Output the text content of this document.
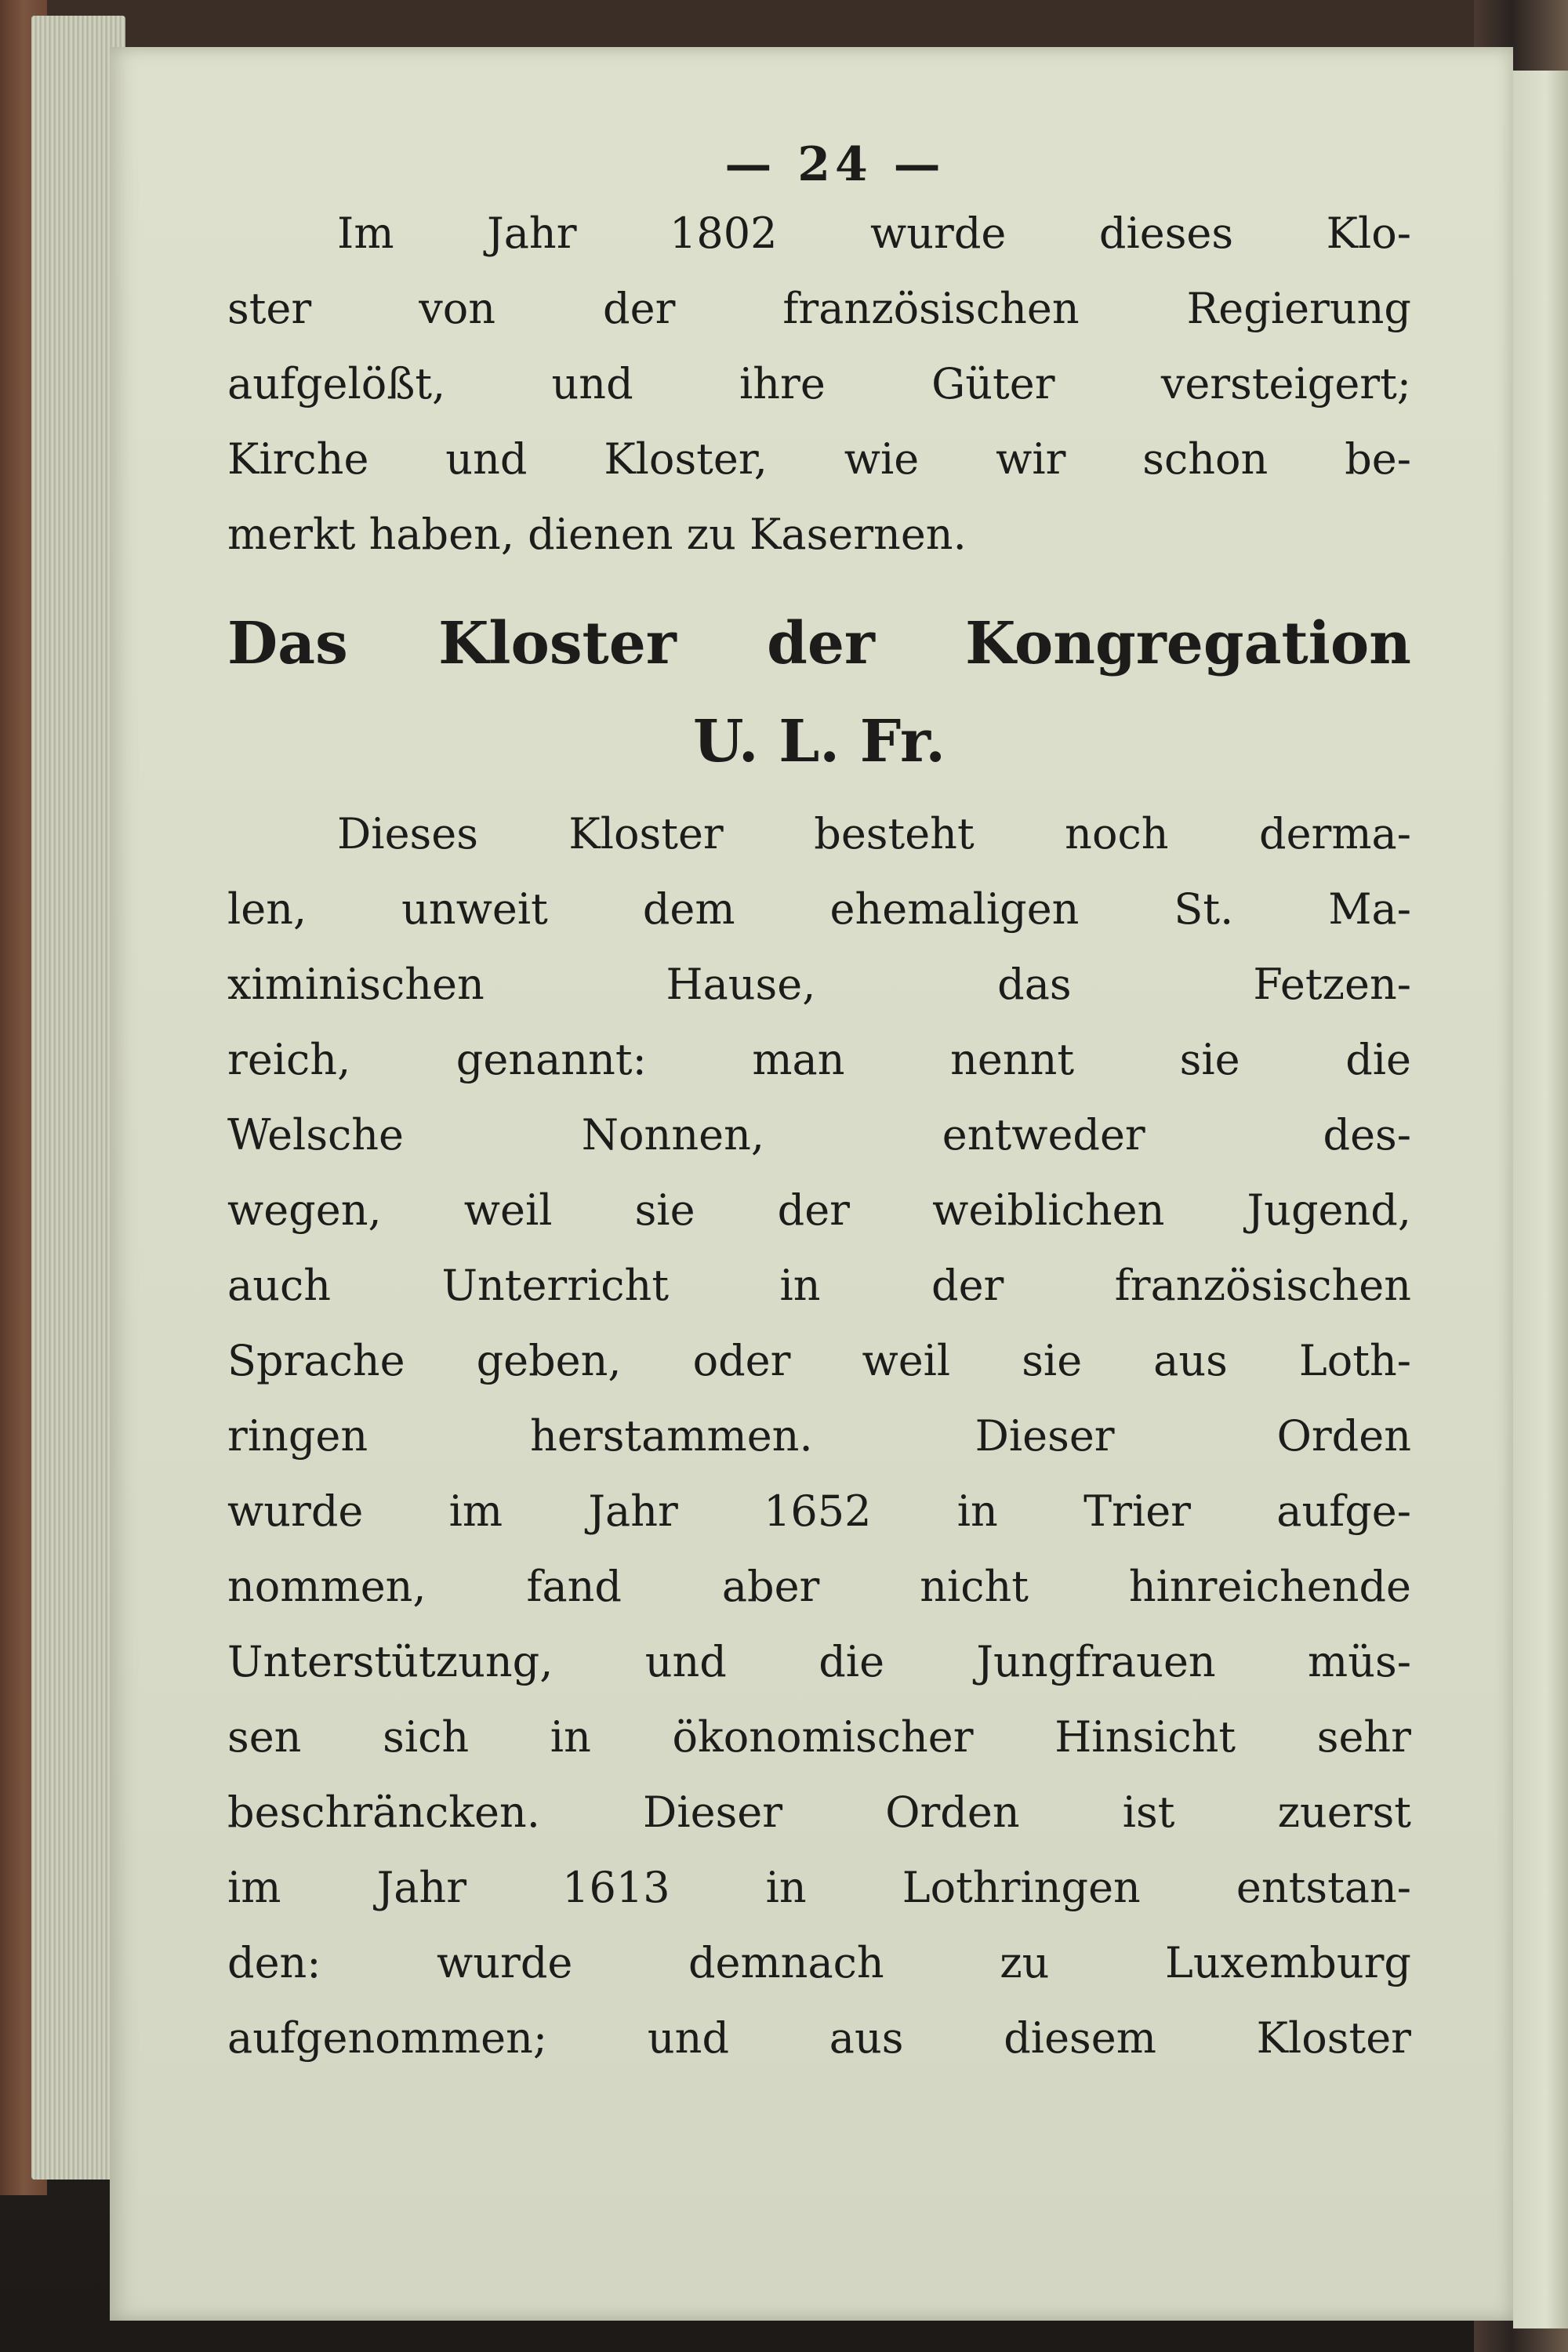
— 24 —
Im Jahr 1802 wurde dieses Klo-
ster von der französischen Regierung
aufgelößt, und ihre Güter versteigert;
Kirche und Kloster, wie wir schon be-
merkt haben, dienen zu Kasernen.
Das Kloster der Kongregation
U. L. Fr.
Dieses Kloster besteht noch derma-
len, unweit dem ehemaligen St. Ma-
ximinischen Hause, das Fetzen-
reich, genannt: man nennt sie die
Welsche Nonnen, entweder des-
wegen, weil sie der weiblichen Jugend,
auch Unterricht in der französischen
Sprache geben, oder weil sie aus Loth-
ringen herstammen. Dieser Orden
wurde im Jahr 1652 in Trier aufge-
nommen, fand aber nicht hinreichende
Unterstützung, und die Jungfrauen müs-
sen sich in ökonomischer Hinsicht sehr
beschräncken. Dieser Orden ist zuerst
im Jahr 1613 in Lothringen entstan-
den: wurde demnach zu Luxemburg
aufgenommen; und aus diesem Kloster
